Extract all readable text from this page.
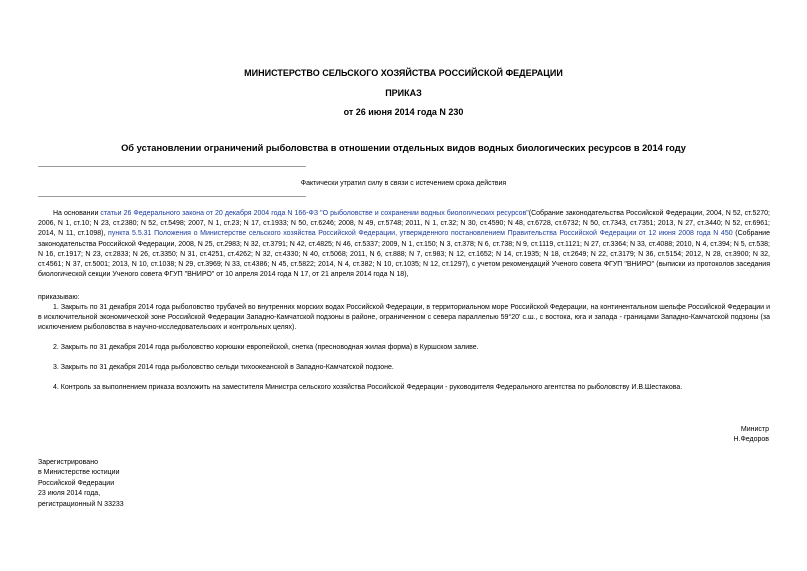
МИНИСТЕРСТВО СЕЛЬСКОГО ХОЗЯЙСТВА РОССИЙСКОЙ ФЕДЕРАЦИИ
ПРИКАЗ
от 26 июня 2014 года N 230
Об установлении ограничений рыболовства в отношении отдельных видов водных биологических ресурсов в 2014 году
Фактически утратил силу в связи с истечением срока действия
На основании статьи 26 Федерального закона от 20 декабря 2004 года N 166-ФЗ "О рыболовстве и сохранении водных биологических ресурсов"(Собрание законодательства Российской Федерации, 2004, N 52, ст.5270; 2006, N 1, ст.10; N 23, ст.2380; N 52, ст.5498; 2007, N 1, ст.23; N 17, ст.1933; N 50, ст.6246; 2008, N 49, ст.5748; 2011, N 1, ст.32; N 30, ст.4590; N 48, ст.6728, ст.6732; N 50, ст.7343, ст.7351; 2013, N 27, ст.3440; N 52, ст.6961; 2014, N 11, ст.1098), пункта 5.5.31 Положения о Министерстве сельского хозяйства Российской Федерации, утвержденного постановлением Правительства Российской Федерации от 12 июня 2008 года N 450 (Собрание законодательства Российской Федерации, 2008, N 25, ст.2983; N 32, ст.3791; N 42, ст.4825; N 46, ст.5337; 2009, N 1, ст.150; N 3, ст.378; N 6, ст.738; N 9, ст.1119, ст.1121; N 27, ст.3364; N 33, ст.4088; 2010, N 4, ст.394; N 5, ст.538; N 16, ст.1917; N 23, ст.2833; N 26, ст.3350; N 31, ст.4251, ст.4262; N 32, ст.4330; N 40, ст.5068; 2011, N 6, ст.888; N 7, ст.983; N 12, ст.1652; N 14, ст.1935; N 18, ст.2649; N 22, ст.3179; N 36, ст.5154; 2012, N 28, ст.3900; N 32, ст.4561; N 37, ст.5001; 2013, N 10, ст.1038; N 29, ст.3969; N 33, ст.4386; N 45, ст.5822; 2014, N 4, ст.382; N 10, ст.1035; N 12, ст.1297), с учетом рекомендаций Ученого совета ФГУП "ВНИРО" (выписки из протоколов заседания биологической секции Ученого совета ФГУП "ВНИРО" от 10 апреля 2014 года N 17, от 21 апреля 2014 года N 18),
приказываю:
1. Закрыть по 31 декабря 2014 года рыболовство трубачей во внутренних морских водах Российской Федерации, в территориальном море Российской Федерации, на континентальном шельфе Российской Федерации и в исключительной экономической зоне Российской Федерации Западно-Камчатской подзоны в районе, ограниченном с севера параллелью 59°20' с.ш., с востока, юга и запада - границами Западно-Камчатской подзоны (за исключением рыболовства в научно-исследовательских и контрольных целях).
2. Закрыть по 31 декабря 2014 года рыболовство корюшки европейской, снетка (пресноводная жилая форма) в Куршском заливе.
3. Закрыть по 31 декабря 2014 года рыболовство сельди тихоокеанской в Западно-Камчатской подзоне.
4. Контроль за выполнением приказа возложить на заместителя Министра сельского хозяйства Российской Федерации - руководителя Федерального агентства по рыболовству И.В.Шестакова.
Министр
Н.Федоров
Зарегистрировано
в Министерстве юстиции
Российской Федерации
23 июля 2014 года,
регистрационный N 33233
